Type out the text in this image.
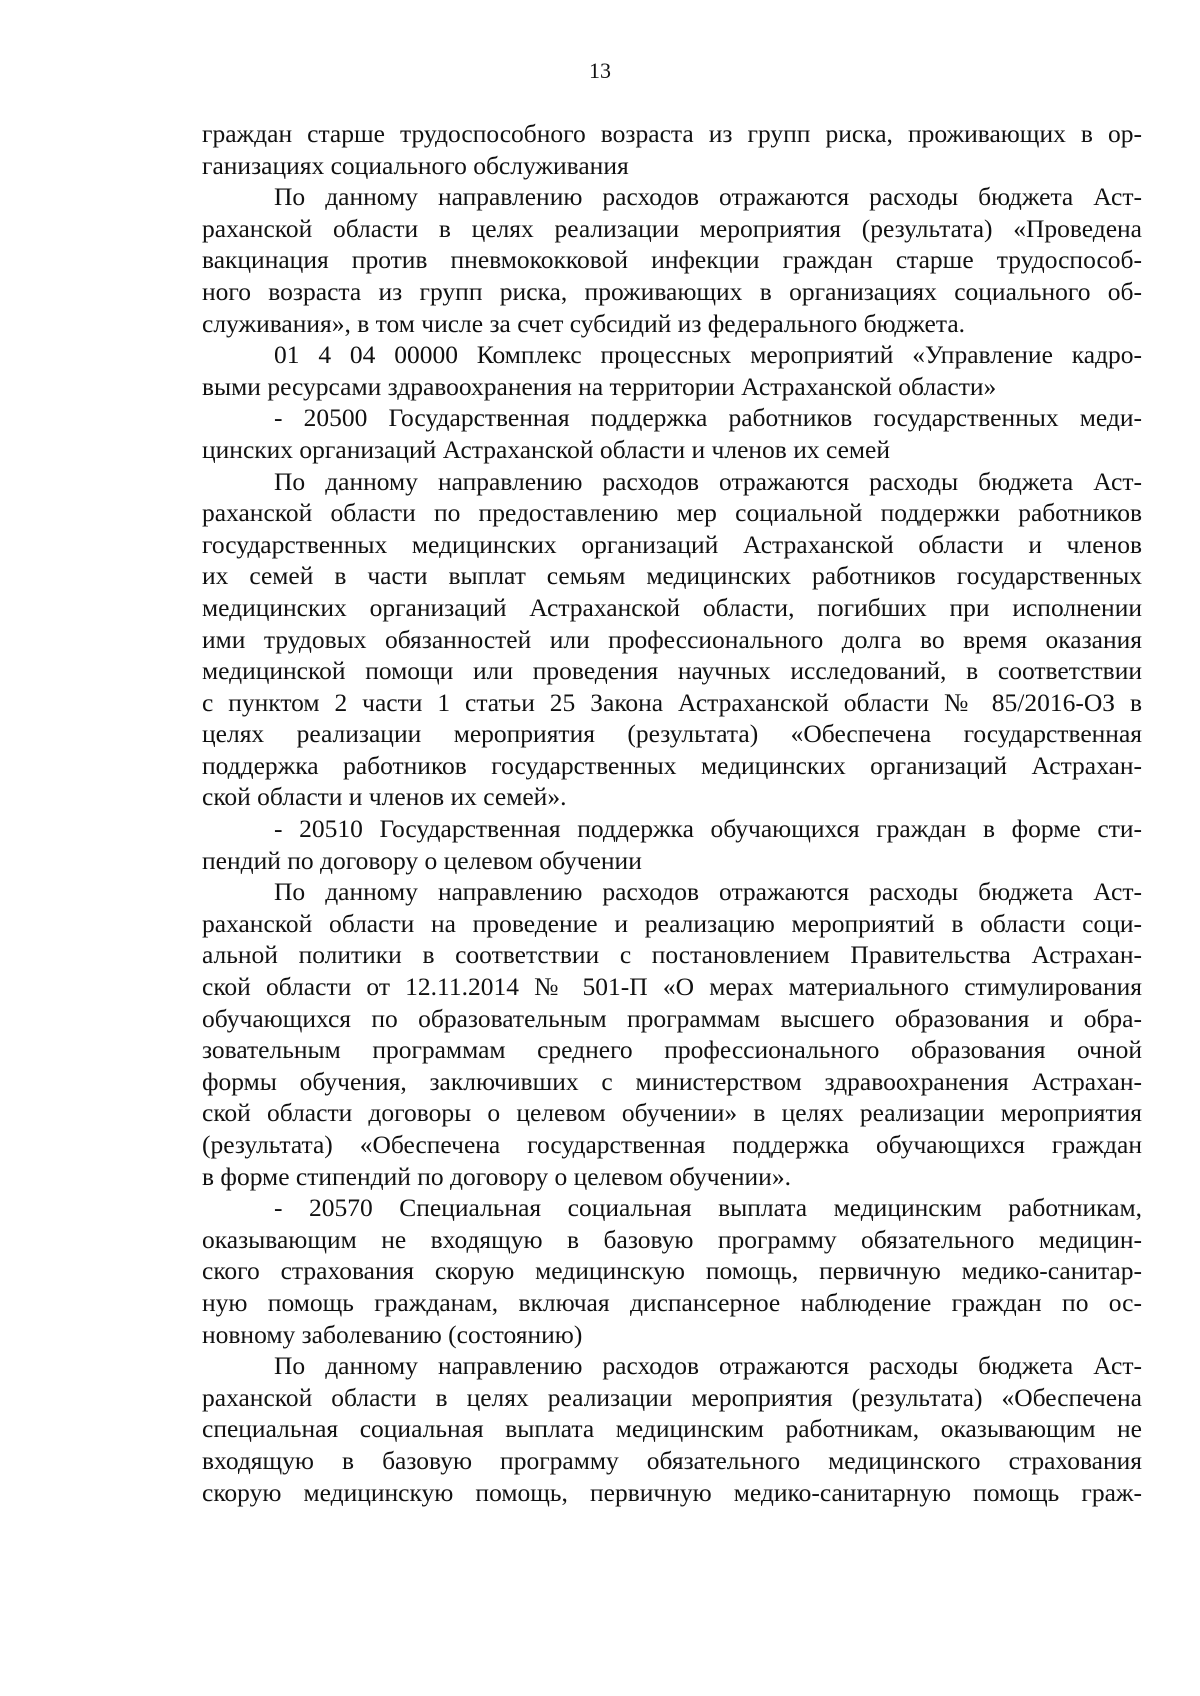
13

граждан старше трудоспособного возраста из групп риска, проживающих в ор-
ганизациях социального обслуживания

По данному направлению расходов отражаются расходы бюджета Аст-
раханской области в целях реализации мероприятия (результата) «Проведена
вакцинация против пневмококковой инфекции граждан старше трудоспособ-
ного возраста из групп риска, проживающих в организациях социального об-
служивания», в том числе за счет субсидий из федерального бюджета.

01 4 04 00000 Комплекс процессных мероприятий «Управление кадро-
выми ресурсами здравоохранения на территории Астраханской области»

- 20500 Государственная поддержка работников государственных меди-
цинских организаций Астраханской области и членов их семей

По данному направлению расходов отражаются расходы бюджета Аст-
раханской области по предоставлению мер социальной поддержки работников
государственных медицинских организаций Астраханской области и членов
их семей в части выплат семьям медицинских работников государственных
медицинских организаций Астраханской области, погибших при исполнении
ими трудовых обязанностей или профессионального долга во время оказания
медицинской помощи или проведения научных исследований, в соответствии
с пунктом 2 части 1 статьи 25 Закона Астраханской области № 85/2016-ОЗ в
целях реализации мероприятия (результата) «Обеспечена государственная
поддержка работников государственных медицинских организаций Астрахан-
ской области и членов их семей».

- 20510 Государственная поддержка обучающихся граждан в форме сти-
пендий по договору о целевом обучении

По данному направлению расходов отражаются расходы бюджета Аст-
раханской области на проведение и реализацию мероприятий в области соци-
альной политики в соответствии с постановлением Правительства Астрахан-
ской области от 12.11.2014 № 501-П «О мерах материального стимулирования
обучающихся по образовательным программам высшего образования и обра-
зовательным программам среднего профессионального образования очной
формы обучения, заключивших с министерством здравоохранения Астрахан-
ской области договоры о целевом обучении» в целях реализации мероприятия
(результата) «Обеспечена государственная поддержка обучающихся граждан
в форме стипендий по договору о целевом обучении».

- 20570 Специальная социальная выплата медицинским работникам,
оказывающим не входящую в базовую программу обязательного медицин-
ского страхования скорую медицинскую помощь, первичную медико-санитар-
ную помощь гражданам, включая диспансерное наблюдение граждан по ос-
новному заболеванию (состоянию)

По данному направлению расходов отражаются расходы бюджета Аст-
раханской области в целях реализации мероприятия (результата) «Обеспечена
специальная социальная выплата медицинским работникам, оказывающим не
входящую в базовую программу обязательного медицинского страхования
скорую медицинскую помощь, первичную медико-санитарную помощь граж-
